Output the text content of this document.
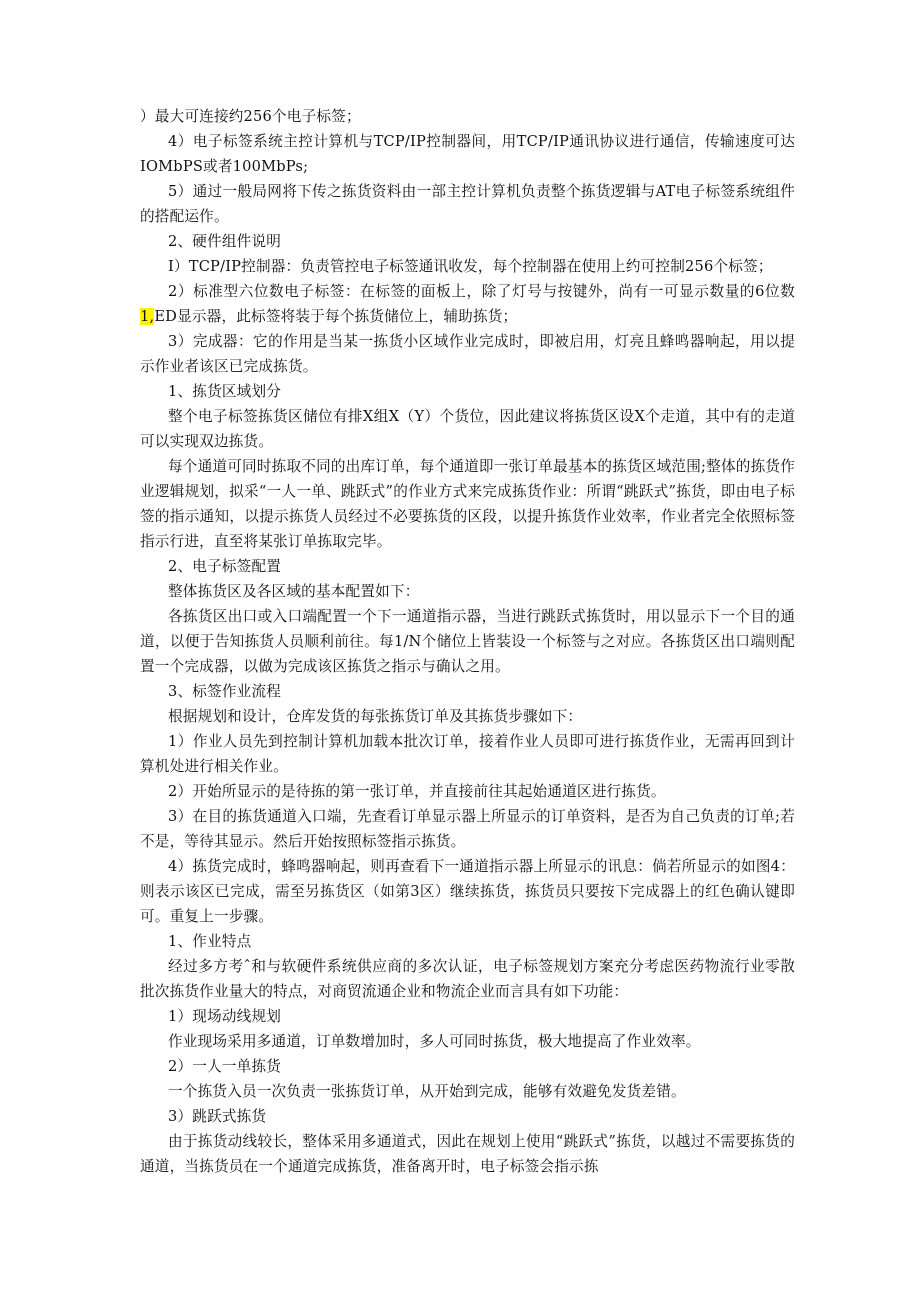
）最大可连接约256个电子标签；

4）电子标签系统主控计算机与TCP/IP控制器间，用TCP/IP通讯协议进行通信，传输速度可达IOMbPS或者100MbPs;

5）通过一般局网将下传之拣货资料由一部主控计算机负责整个拣货逻辑与AT电子标签系统组件的搭配运作。

2、硬件组件说明

I）TCP/IP控制器：负责管控电子标签通讯收发，每个控制器在使用上约可控制256个标签；

2）标准型六位数电子标签：在标签的面板上，除了灯号与按键外，尚有一可显示数量的6位数1,ED显示器，此标签将装于每个拣货储位上，辅助拣货；

3）完成器：它的作用是当某一拣货小区域作业完成时，即被启用，灯亮且蜂鸣器响起，用以提示作业者该区已完成拣货。

1、拣货区域划分

整个电子标签拣货区储位有排X组X（Y）个货位，因此建议将拣货区设X个走道，其中有的走道可以实现双边拣货。

每个通道可同时拣取不同的出库订单，每个通道即一张订单最基本的拣货区域范围;整体的拣货作业逻辑规划，拟采“一人一单、跳跃式”的作业方式来完成拣货作业：所谓“跳跃式”拣货，即由电子标签的指示通知，以提示拣货人员经过不必要拣货的区段，以提升拣货作业效率，作业者完全依照标签指示行进，直至将某张订单拣取完毕。

2、电子标签配置

整体拣货区及各区域的基本配置如下：

各拣货区出口或入口端配置一个下一通道指示器，当进行跳跃式拣货时，用以显示下一个目的通道，以便于告知拣货人员顺利前往。每1/N个储位上皆装设一个标签与之对应。各拣货区出口端则配置一个完成器，以做为完成该区拣货之指示与确认之用。

3、标签作业流程

根据规划和设计，仓库发货的每张拣货订单及其拣货步骤如下：

1）作业人员先到控制计算机加载本批次订单，接着作业人员即可进行拣货作业，无需再回到计算机处进行相关作业。

2）开始所显示的是待拣的第一张订单，并直接前往其起始通道区进行拣货。

3）在目的拣货通道入口端，先查看订单显示器上所显示的订单资料，是否为自己负责的订单;若不是，等待其显示。然后开始按照标签指示拣货。

4）拣货完成时，蜂鸣器响起，则再查看下一通道指示器上所显示的讯息：倘若所显示的如图4：则表示该区已完成，需至另拣货区（如第3区）继续拣货，拣货员只要按下完成器上的红色确认键即可。重复上一步骤。

1、作业特点

经过多方考ˆ和与软硬件系统供应商的多次认证，电子标签规划方案充分考虑医药物流行业零散批次拣货作业量大的特点，对商贸流通企业和物流企业而言具有如下功能：

1）现场动线规划

作业现场采用多通道，订单数增加时，多人可同时拣货，极大地提高了作业效率。

2）一人一单拣货

一个拣货入员一次负责一张拣货订单，从开始到完成，能够有效避免发货差错。

3）跳跃式拣货

由于拣货动线较长，整体采用多通道式，因此在规划上使用“跳跃式”拣货，以越过不需要拣货的通道，当拣货员在一个通道完成拣货，准备离开时，电子标签会指示拣
